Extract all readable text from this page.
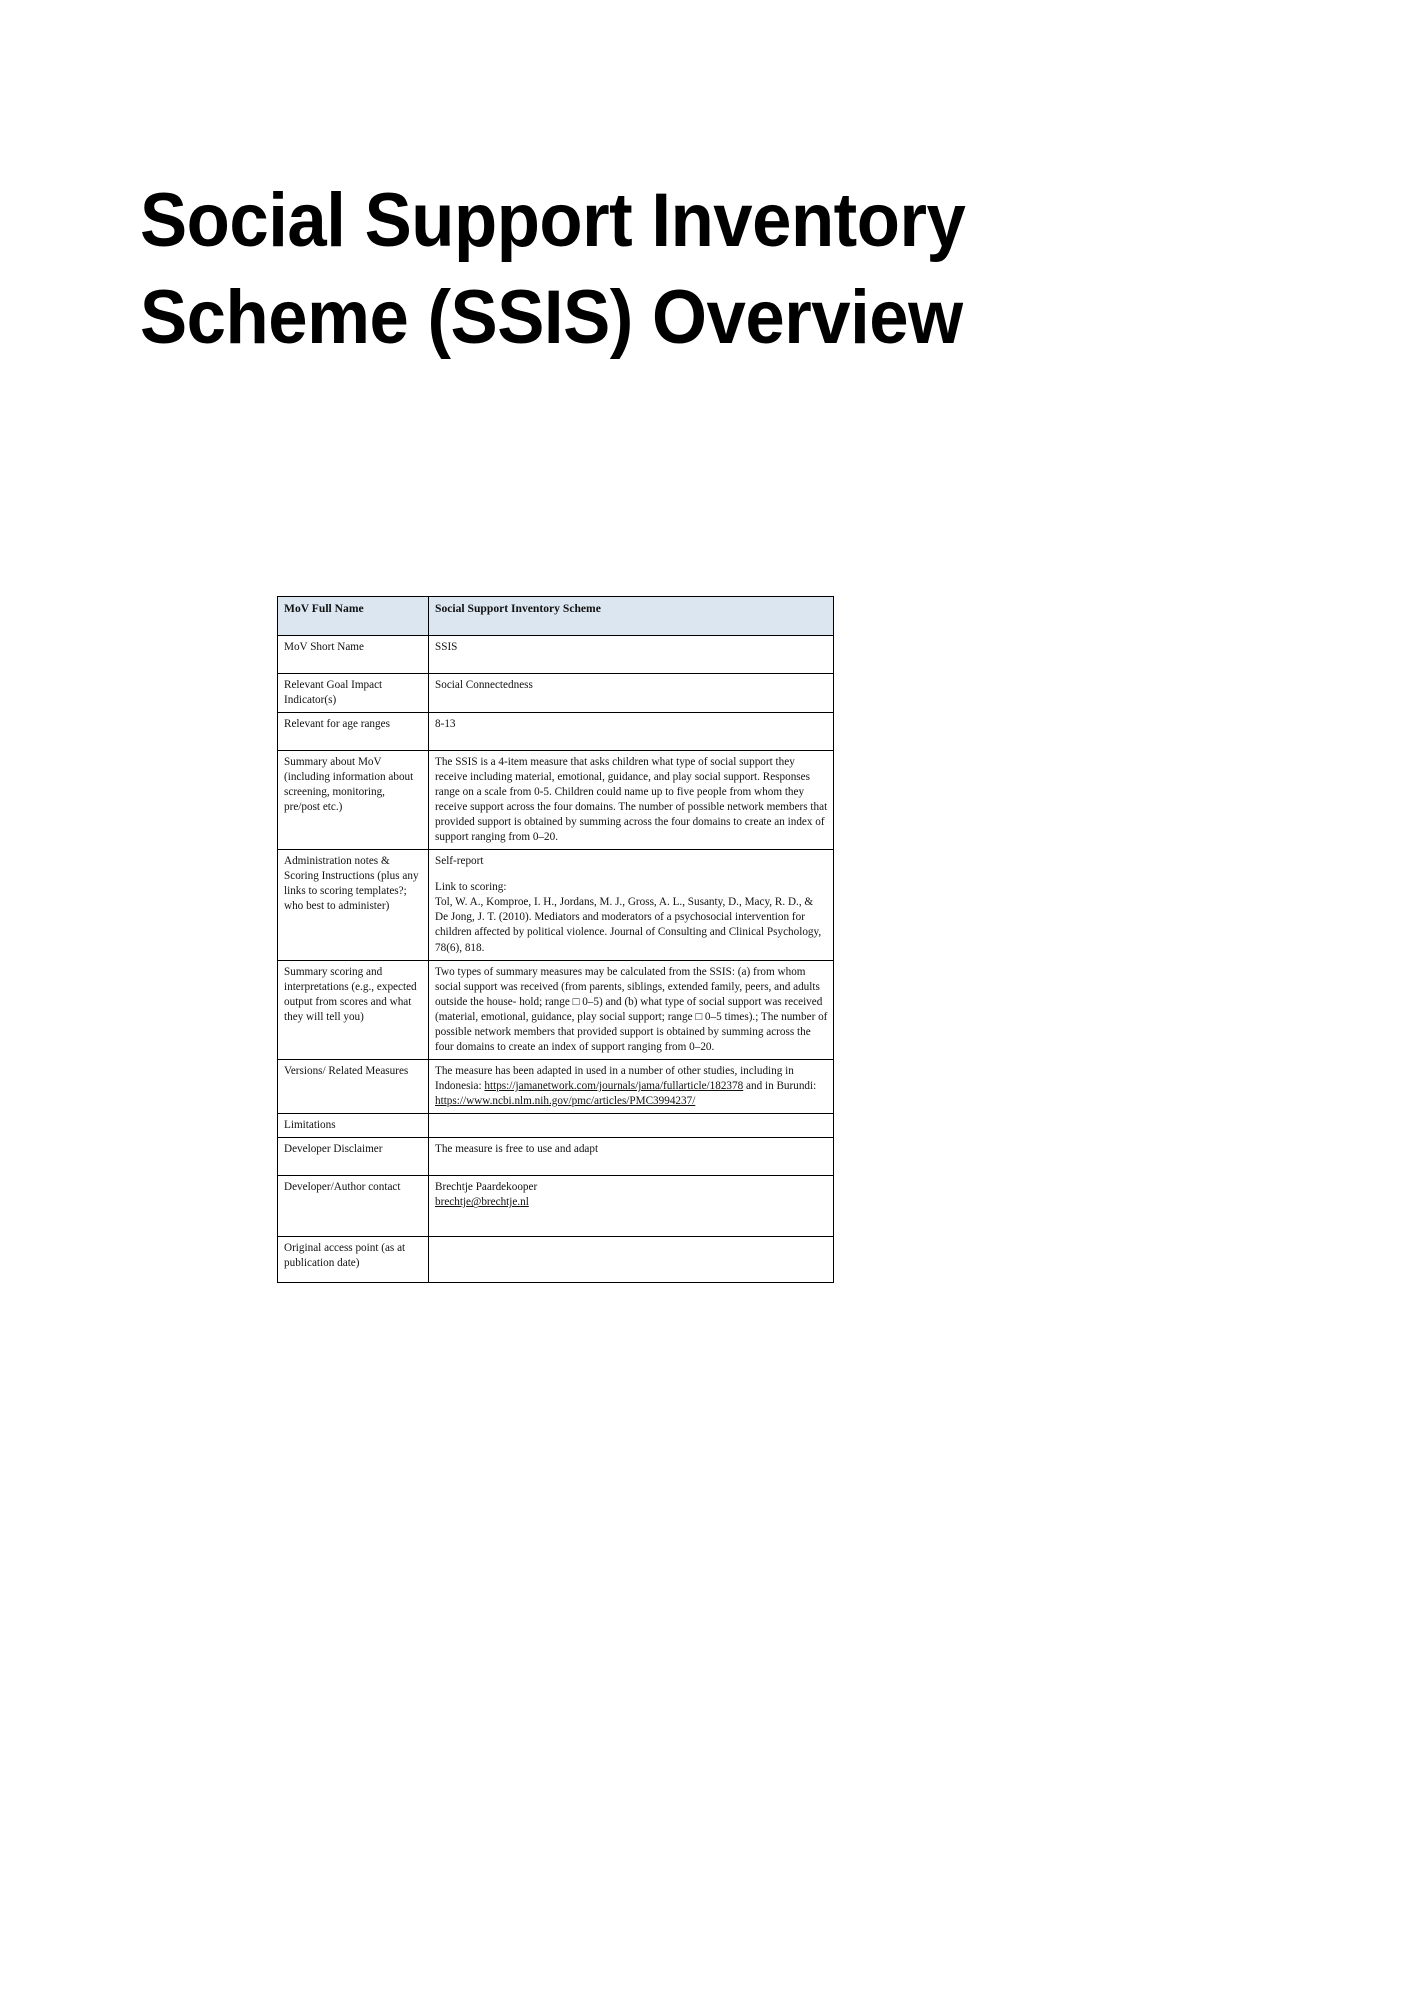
Social Support Inventory
Scheme (SSIS) Overview
MoV Full Name	Social Support Inventory Scheme
MoV Short Name	SSIS
Relevant Goal Impact Indicator(s)	Social Connectedness
Relevant for age ranges	8-13
Summary about MoV (including information about screening, monitoring, pre/post etc.)	The SSIS is a 4-item measure that asks children what type of social support they receive including material, emotional, guidance, and play social support. Responses range on a scale from 0-5. Children could name up to five people from whom they receive support across the four domains. The number of possible network members that provided support is obtained by summing across the four domains to create an index of support ranging from 0–20.
Administration notes & Scoring Instructions (plus any links to scoring templates?; who best to administer)	Self-report
Link to scoring:
Tol, W. A., Komproe, I. H., Jordans, M. J., Gross, A. L., Susanty, D., Macy, R. D., & De Jong, J. T. (2010). Mediators and moderators of a psychosocial intervention for children affected by political violence. Journal of Consulting and Clinical Psychology, 78(6), 818.

Summary scoring and interpretations (e.g., expected output from scores and what they will tell you)	Two types of summary measures may be calculated from the SSIS: (a) from whom social support was received (from parents, siblings, extended family, peers, and adults outside the house- hold; range □ 0–5) and (b) what type of social support was received (material, emotional, guidance, play social support; range □ 0–5 times).; The number of possible network members that provided support is obtained by summing across the four domains to create an index of support ranging from 0–20.
Versions/ Related Measures	The measure has been adapted in used in a number of other studies, including in Indonesia: https://jamanetwork.com/journals/jama/fullarticle/182378 and in Burundi: https://www.ncbi.nlm.nih.gov/pmc/articles/PMC3994237/
Limitations	
Developer Disclaimer	The measure is free to use and adapt
Developer/Author contact	Brechtje Paardekooper
brechtje@brechtje.nl

Original access point (as at publication date)	
